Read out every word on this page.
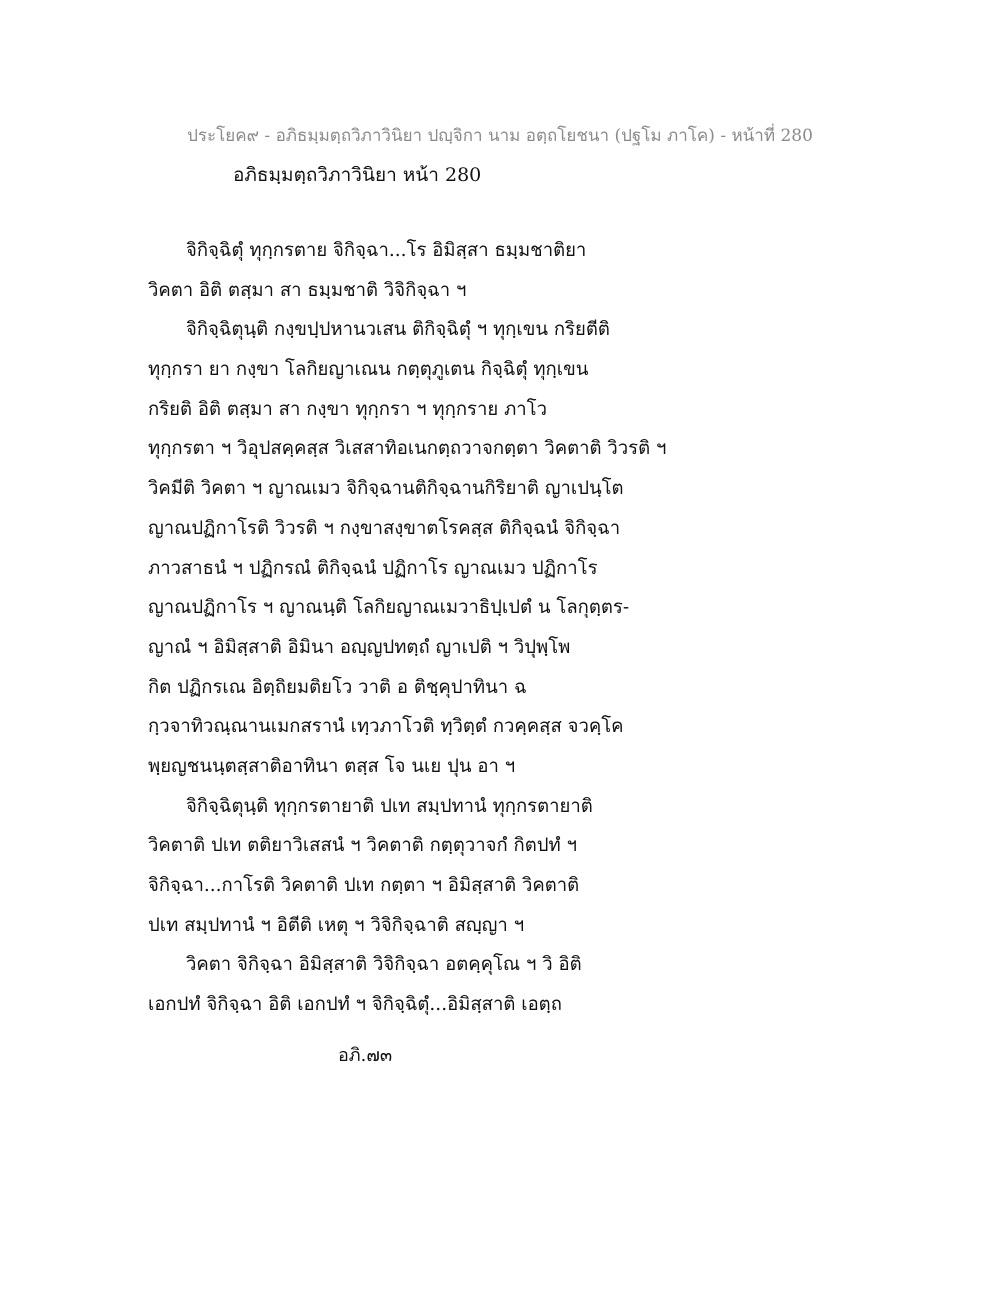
ประโยค๙ - อภิธมฺมตฺถวิภาวินิยา ปญฺจิกา นาม อตฺถโยชนา (ปฐโม ภาโค) - หน้าที่ 280
อภิธมฺมตฺถวิภาวินิยา หน้า 280
จิกิจฺฉิตุํ ทุกฺกรตาย จิกิจฺฉา...โร อิมิสฺสา ธมฺมชาติยา
วิคตา อิติ ตสฺมา สา ธมฺมชาติ วิจิกิจฺฉา ฯ
จิกิจฺฉิตุนฺติ กงฺขปฺปหานวเสน ติกิจฺฉิตุํ ฯ ทุกฺเขน กริยตีติ
ทุกฺกรา ยา กงฺขา โลกิยญาเณน กตฺตุภูเตน กิจฺฉิตุํ ทุกฺเขน
กริยติ อิติ ตสฺมา สา กงฺขา ทุกฺกรา ฯ ทุกฺกราย ภาโว
ทุกฺกรตา ฯ วิอุปสคฺคสฺส วิเสสาทิอเนกตฺถวาจกตฺตา วิคตาติ วิวรติ ฯ
วิคมีติ วิคตา ฯ ญาณเมว จิกิจฺฉานติกิจฺฉานกิริยาติ ญาเปนฺโต
ญาณปฏิกาโรติ วิวรติ ฯ กงฺขาสงฺขาตโรคสฺส ติกิจฺฉนํ จิกิจฺฉา
ภาวสาธนํ ฯ ปฏิกรณํ ติกิจฺฉนํ ปฏิกาโร ญาณเมว ปฏิกาโร
ญาณปฏิกาโร ฯ ญาณนฺติ โลกิยญาณเมวาธิปฺเปตํ น โลกุตฺตร-
ญาณํ ฯ อิมิสฺสาติ อิมินา อญฺญปทตฺถํ ญาเปติ ฯ วิปุพฺโพ
กิต ปฏิกรเณ อิตฺถิยมติยโว วาติ อ ติชฺคุปาทินา ฉ
กฺวจาทิวณฺณานเมกสรานํ เทฺวภาโวติ ทฺวิตฺตํ กวคฺคสฺส จวคฺโค
พฺยญชนนฺตสฺสาติอาทินา ตสฺส โจ นเย ปุน อา ฯ
จิกิจฺฉิตุนฺติ ทุกฺกรตายาติ ปเท สมฺปทานํ ทุกฺกรตายาติ
วิคตาติ ปเท ตติยาวิเสสนํ ฯ วิคตาติ กตฺตุวาจกํ กิตปทํ ฯ
จิกิจฺฉา...กาโรติ วิคตาติ ปเท กตฺตา ฯ อิมิสฺสาติ วิคตาติ
ปเท สมฺปทานํ ฯ อิตีติ เหตุ ฯ วิจิกิจฺฉาติ สญฺญา ฯ
วิคตา จิกิจฺฉา อิมิสฺสาติ วิจิกิจฺฉา อตคฺคุโณ ฯ วิ อิติ
เอกปทํ จิกิจฺฉา อิติ เอกปทํ ฯ จิกิจฺฉิตุํ...อิมิสฺสาติ เอตฺถ
อภิ.๗๓
